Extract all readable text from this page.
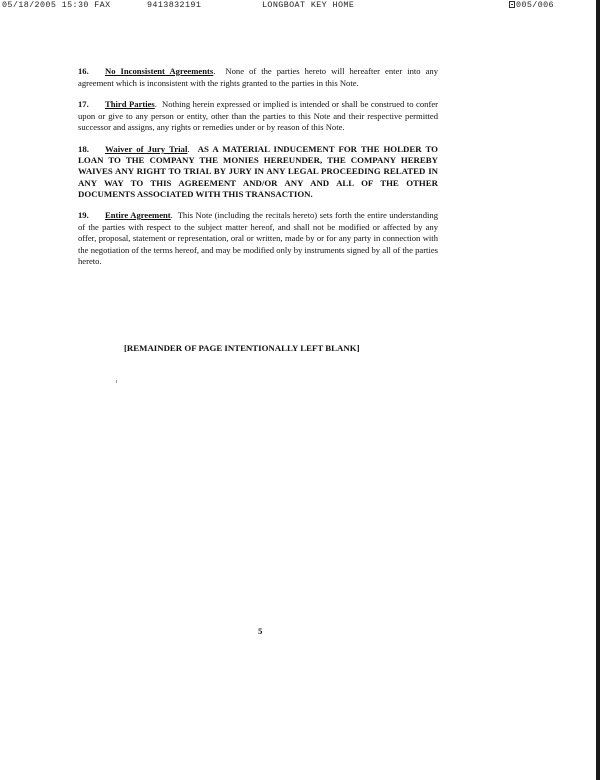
05/18/2005 15:30 FAX	9413832191	LONGBOAT KEY HOME	005/006

16. No Inconsistent Agreements. None of the parties hereto will hereafter enter into any agreement which is inconsistent with the rights granted to the parties in this Note.

17. Third Parties. Nothing herein expressed or implied is intended or shall be construed to confer upon or give to any person or entity, other than the parties to this Note and their respective permitted successor and assigns, any rights or remedies under or by reason of this Note.

18. Waiver of Jury Trial. AS A MATERIAL INDUCEMENT FOR THE HOLDER TO LOAN TO THE COMPANY THE MONIES HEREUNDER, THE COMPANY HEREBY WAIVES ANY RIGHT TO TRIAL BY JURY IN ANY LEGAL PROCEEDING RELATED IN ANY WAY TO THIS AGREEMENT AND/OR ANY AND ALL OF THE OTHER DOCUMENTS ASSOCIATED WITH THIS TRANSACTION.

19. Entire Agreement. This Note (including the recitals hereto) sets forth the entire understanding of the parties with respect to the subject matter hereof, and shall not be modified or affected by any offer, proposal, statement or representation, oral or written, made by or for any party in connection with the negotiation of the terms hereof, and may be modified only by instruments signed by all of the parties hereto.

[REMAINDER OF PAGE INTENTIONALLY LEFT BLANK]
5
